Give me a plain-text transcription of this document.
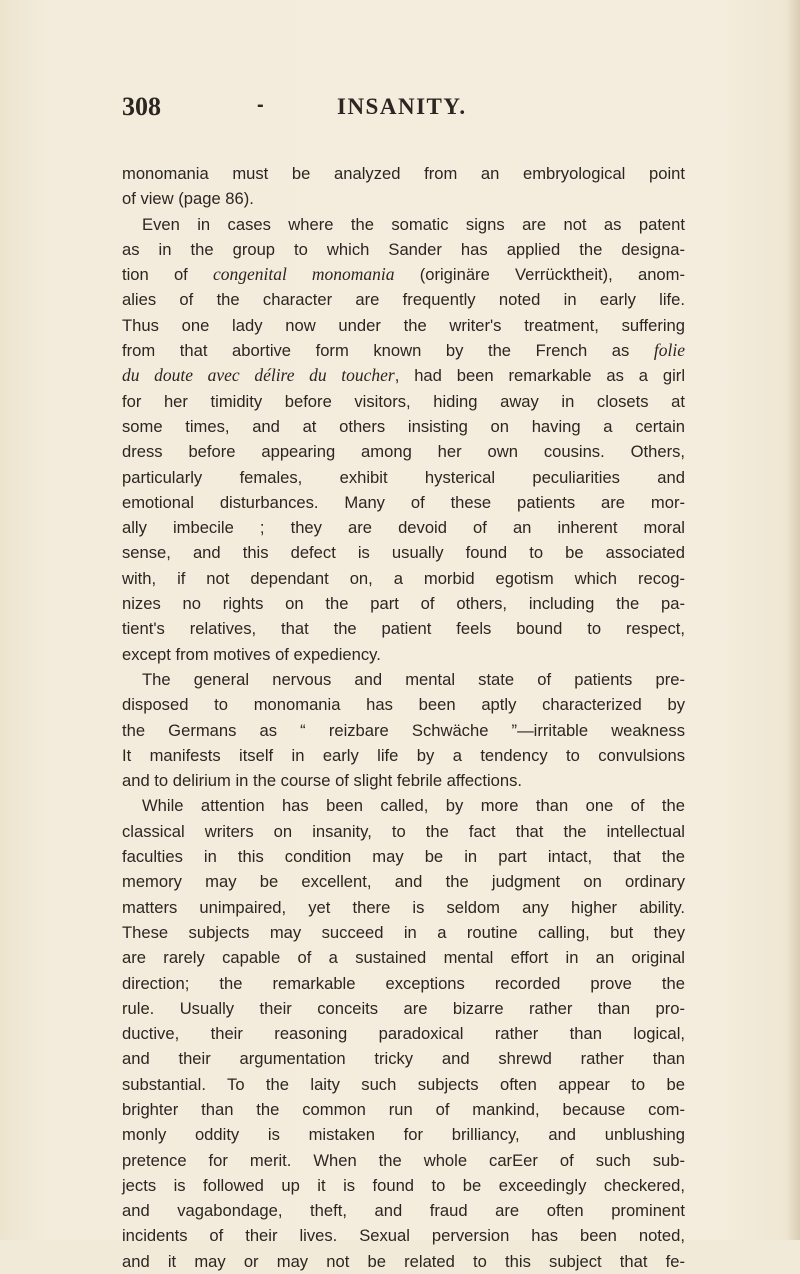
308	-	INSANITY.
monomania must be analyzed from an embryological point
of view (page 86).
Even in cases where the somatic signs are not as patent
as in the group to which Sander has applied the designa-
tion of congenital monomania (originäre Verrücktheit), anom-
alies of the character are frequently noted in early life.
Thus one lady now under the writer's treatment, suffering
from that abortive form known by the French as folie
du doute avec délire du toucher, had been remarkable as a girl
for her timidity before visitors, hiding away in closets at
some times, and at others insisting on having a certain
dress before appearing among her own cousins. Others,
particularly females, exhibit hysterical peculiarities and
emotional disturbances. Many of these patients are mor-
ally imbecile ; they are devoid of an inherent moral
sense, and this defect is usually found to be associated
with, if not dependant on, a morbid egotism which recog-
nizes no rights on the part of others, including the pa-
tient's relatives, that the patient feels bound to respect,
except from motives of expediency.
The general nervous and mental state of patients pre-
disposed to monomania has been aptly characterized by
the Germans as “ reizbare Schwäche ”—irritable weakness
It manifests itself in early life by a tendency to convulsions
and to delirium in the course of slight febrile affections.
While attention has been called, by more than one of the
classical writers on insanity, to the fact that the intellectual
faculties in this condition may be in part intact, that the
memory may be excellent, and the judgment on ordinary
matters unimpaired, yet there is seldom any higher ability.
These subjects may succeed in a routine calling, but they
are rarely capable of a sustained mental effort in an original
direction; the remarkable exceptions recorded prove the
rule. Usually their conceits are bizarre rather than pro-
ductive, their reasoning paradoxical rather than logical,
and their argumentation tricky and shrewd rather than
substantial. To the laity such subjects often appear to be
brighter than the common run of mankind, because com-
monly oddity is mistaken for brilliancy, and unblushing
pretence for merit. When the whole carEer of such sub-
jects is followed up it is found to be exceedingly checkered,
and vagabondage, theft, and fraud are often prominent
incidents of their lives. Sexual perversion has been noted,
and it may or may not be related to this subject that fe-
